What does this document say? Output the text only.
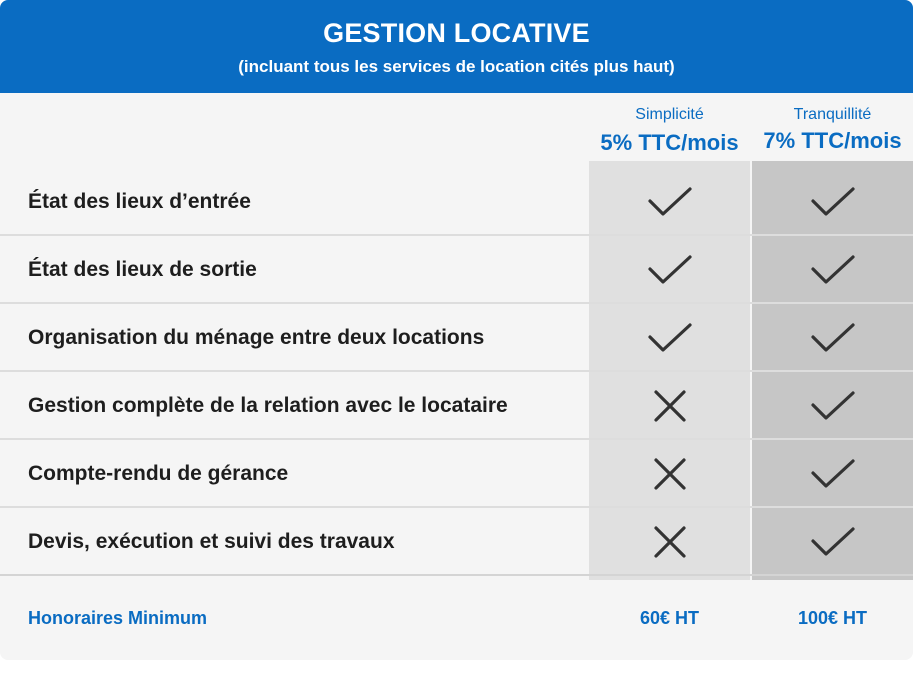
GESTION LOCATIVE
(incluant tous les services de location cités plus haut)
Simplicité
5% TTC/mois
Tranquillité
7% TTC/mois
État des lieux d’entrée
État des lieux de sortie
Organisation du ménage entre deux locations
Gestion complète de la relation avec le locataire
Compte-rendu de gérance
Devis, exécution et suivi des travaux
Honoraires Minimum	60€ HT	100€ HT
